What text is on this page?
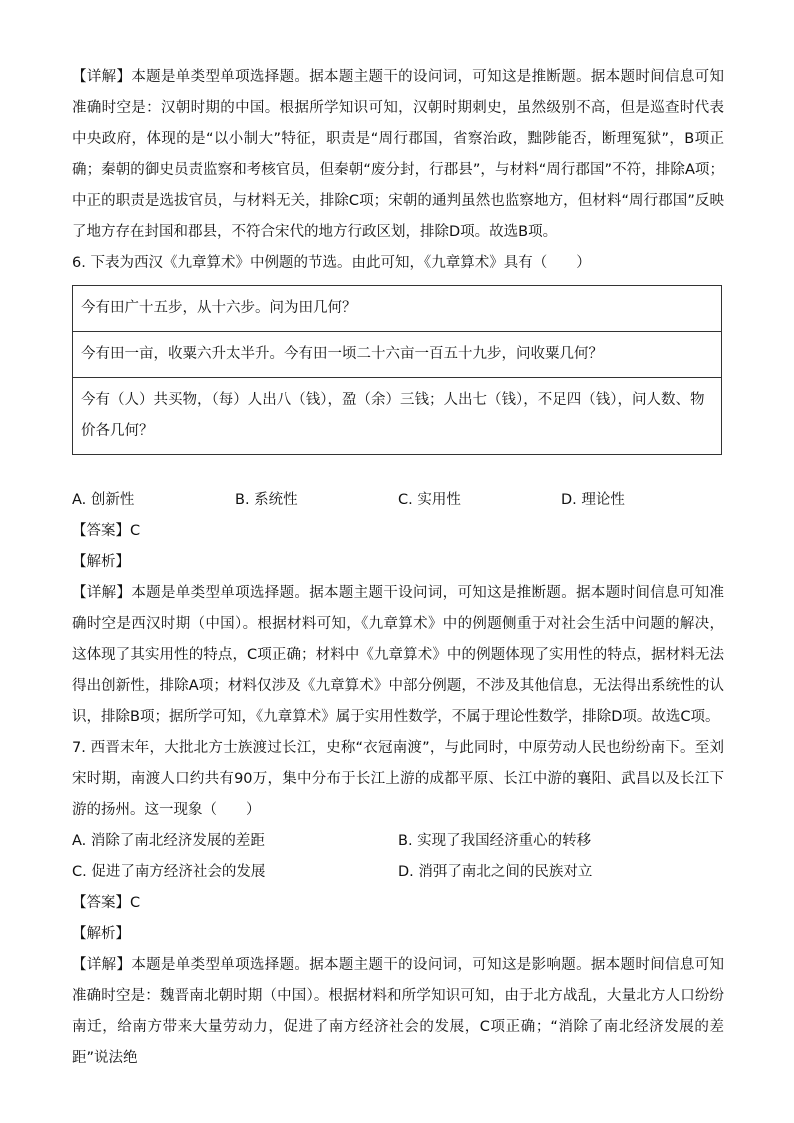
【详解】本题是单类型单项选择题。据本题主题干的设问词，可知这是推断题。据本题时间信息可知准确时空是：汉朝时期的中国。根据所学知识可知，汉朝时期刺史，虽然级别不高，但是巡查时代表中央政府，体现的是“以小制大”特征，职责是“周行郡国，省察治政，黜陟能否，断理冤狱”，B项正确；秦朝的御史员责监察和考核官员，但秦朝“废分封，行郡县”，与材料“周行郡国”不符，排除A项；中正的职责是选拔官员，与材料无关，排除C项；宋朝的通判虽然也监察地方，但材料“周行郡国”反映了地方存在封国和郡县，不符合宋代的地方行政区划，排除D项。故选B项。

6. 下表为西汉《九章算术》中例题的节选。由此可知，《九章算术》具有（　　）

今有田广十五步，从十六步。问为田几何？
今有田一亩，收粟六升太半升。今有田一顷二十六亩一百五十九步，问收粟几何？
今有（人）共买物，（每）人出八（钱），盈（余）三钱；人出七（钱），不足四（钱），问人数、物价各几何？
A. 创新性	B. 系统性	C. 实用性	D. 理论性

【答案】C

【解析】

【详解】本题是单类型单项选择题。据本题主题干设问词，可知这是推断题。据本题时间信息可知准确时空是西汉时期（中国）。根据材料可知，《九章算术》中的例题侧重于对社会生活中问题的解决，这体现了其实用性的特点，C项正确；材料中《九章算术》中的例题体现了实用性的特点，据材料无法得出创新性，排除A项；材料仅涉及《九章算术》中部分例题，不涉及其他信息，无法得出系统性的认识，排除B项；据所学可知，《九章算术》属于实用性数学，不属于理论性数学，排除D项。故选C项。

7. 西晋末年，大批北方士族渡过长江，史称“衣冠南渡”，与此同时，中原劳动人民也纷纷南下。至刘宋时期，南渡人口约共有90万，集中分布于长江上游的成都平原、长江中游的襄阳、武昌以及长江下游的扬州。这一现象（　　）

A. 消除了南北经济发展的差距	B. 实现了我国经济重心的转移
C. 促进了南方经济社会的发展	D. 消弭了南北之间的民族对立

【答案】C

【解析】

【详解】本题是单类型单项选择题。据本题主题干的设问词，可知这是影响题。据本题时间信息可知准确时空是：魏晋南北朝时期（中国）。根据材料和所学知识可知，由于北方战乱，大量北方人口纷纷南迁，给南方带来大量劳动力，促进了南方经济社会的发展，C项正确；“消除了南北经济发展的差距”说法绝
